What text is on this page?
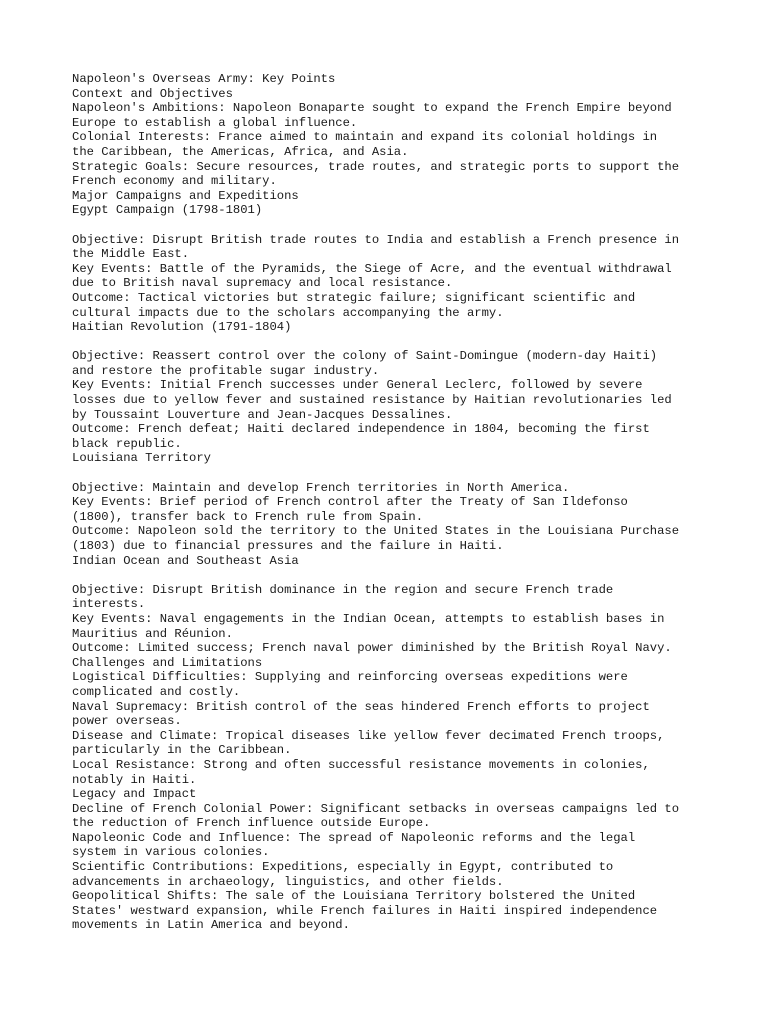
Napoleon's Overseas Army: Key Points
Context and Objectives
Napoleon's Ambitions: Napoleon Bonaparte sought to expand the French Empire beyond
Europe to establish a global influence.
Colonial Interests: France aimed to maintain and expand its colonial holdings in
the Caribbean, the Americas, Africa, and Asia.
Strategic Goals: Secure resources, trade routes, and strategic ports to support the
French economy and military.
Major Campaigns and Expeditions
Egypt Campaign (1798-1801)
Objective: Disrupt British trade routes to India and establish a French presence in
the Middle East.
Key Events: Battle of the Pyramids, the Siege of Acre, and the eventual withdrawal
due to British naval supremacy and local resistance.
Outcome: Tactical victories but strategic failure; significant scientific and
cultural impacts due to the scholars accompanying the army.
Haitian Revolution (1791-1804)
Objective: Reassert control over the colony of Saint-Domingue (modern-day Haiti)
and restore the profitable sugar industry.
Key Events: Initial French successes under General Leclerc, followed by severe
losses due to yellow fever and sustained resistance by Haitian revolutionaries led
by Toussaint Louverture and Jean-Jacques Dessalines.
Outcome: French defeat; Haiti declared independence in 1804, becoming the first
black republic.
Louisiana Territory
Objective: Maintain and develop French territories in North America.
Key Events: Brief period of French control after the Treaty of San Ildefonso
(1800), transfer back to French rule from Spain.
Outcome: Napoleon sold the territory to the United States in the Louisiana Purchase
(1803) due to financial pressures and the failure in Haiti.
Indian Ocean and Southeast Asia
Objective: Disrupt British dominance in the region and secure French trade
interests.
Key Events: Naval engagements in the Indian Ocean, attempts to establish bases in
Mauritius and Réunion.
Outcome: Limited success; French naval power diminished by the British Royal Navy.
Challenges and Limitations
Logistical Difficulties: Supplying and reinforcing overseas expeditions were
complicated and costly.
Naval Supremacy: British control of the seas hindered French efforts to project
power overseas.
Disease and Climate: Tropical diseases like yellow fever decimated French troops,
particularly in the Caribbean.
Local Resistance: Strong and often successful resistance movements in colonies,
notably in Haiti.
Legacy and Impact
Decline of French Colonial Power: Significant setbacks in overseas campaigns led to
the reduction of French influence outside Europe.
Napoleonic Code and Influence: The spread of Napoleonic reforms and the legal
system in various colonies.
Scientific Contributions: Expeditions, especially in Egypt, contributed to
advancements in archaeology, linguistics, and other fields.
Geopolitical Shifts: The sale of the Louisiana Territory bolstered the United
States' westward expansion, while French failures in Haiti inspired independence
movements in Latin America and beyond.
